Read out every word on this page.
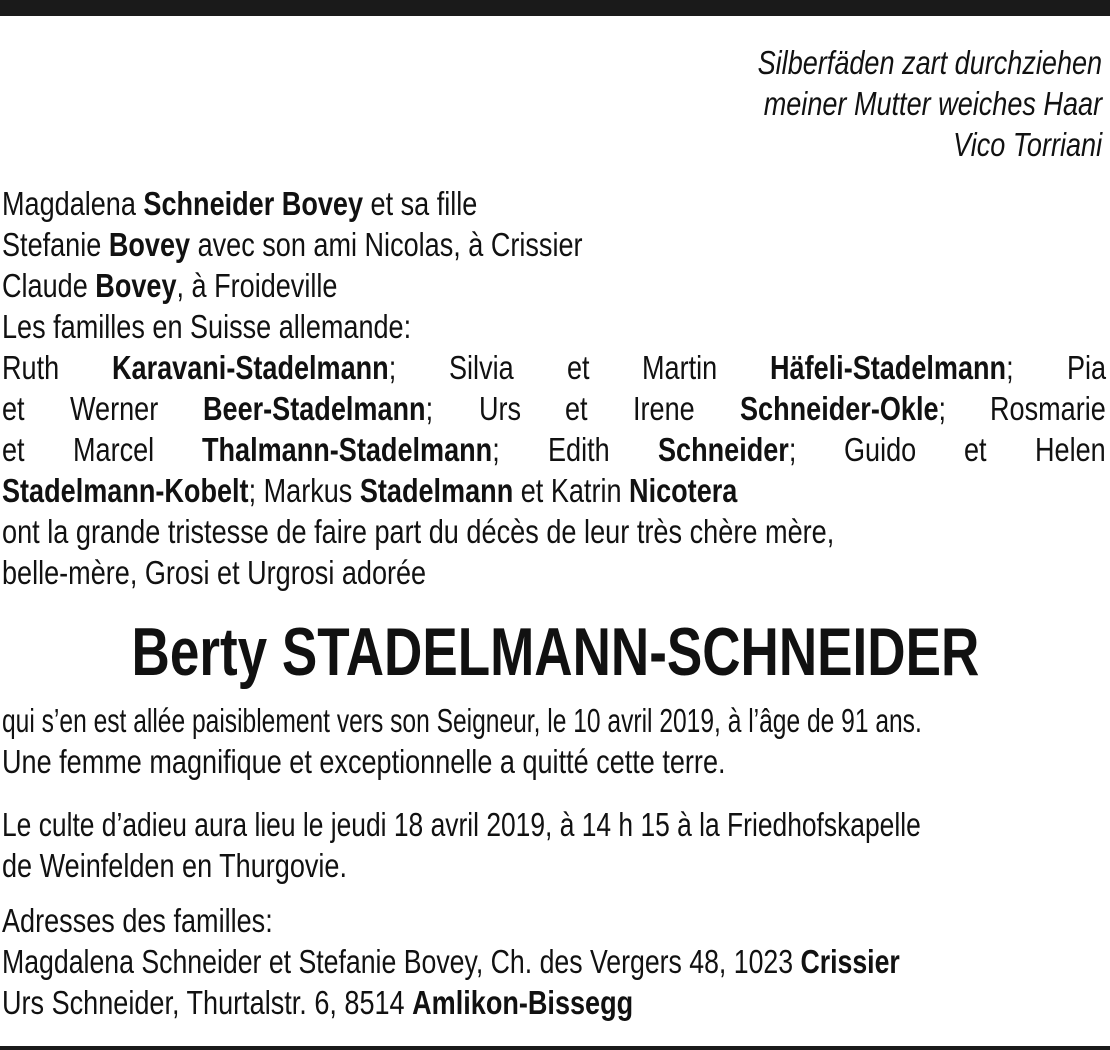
Silberfäden zart durchziehen
meiner Mutter weiches Haar
Vico Torriani
Magdalena Schneider Bovey et sa fille
Stefanie Bovey avec son ami Nicolas, à Crissier
Claude Bovey, à Froideville
Les familles en Suisse allemande:
Ruth Karavani-Stadelmann; Silvia et Martin Häfeli-Stadelmann; Pia
et Werner Beer-Stadelmann; Urs et Irene Schneider-Okle; Rosmarie
et Marcel Thalmann-Stadelmann; Edith Schneider; Guido et Helen
Stadelmann-Kobelt; Markus Stadelmann et Katrin Nicotera
ont la grande tristesse de faire part du décès de leur très chère mère,
belle-mère, Grosi et Urgrosi adorée
Berty STADELMANN-SCHNEIDER
qui s’en est allée paisiblement vers son Seigneur, le 10 avril 2019, à l’âge de 91 ans.
Une femme magnifique et exceptionnelle a quitté cette terre.
Le culte d’adieu aura lieu le jeudi 18 avril 2019, à 14 h 15 à la Friedhofskapelle
de Weinfelden en Thurgovie.
Adresses des familles:
Magdalena Schneider et Stefanie Bovey, Ch. des Vergers 48, 1023 Crissier
Urs Schneider, Thurtalstr. 6, 8514 Amlikon-Bissegg
